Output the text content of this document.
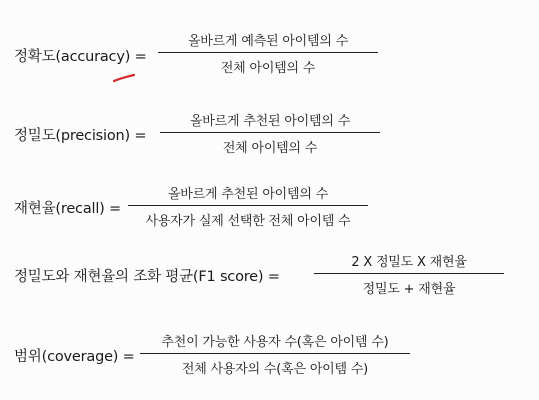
정확도(accuracy) =
올바르게 예측된 아이템의 수
전체 아이템의 수
정밀도(precision) =
올바르게 추천된 아이템의 수
전체 아이템의 수
재현율(recall) =
올바르게 추천된 아이템의 수
사용자가 실제 선택한 전체 아이템 수
정밀도와 재현율의 조화 평균(F1 score) =
2 X 정밀도 X 재현율
정밀도 + 재현율
범위(coverage) =
추천이 가능한 사용자 수(혹은 아이템 수)
전체 사용자의 수(혹은 아이템 수)
